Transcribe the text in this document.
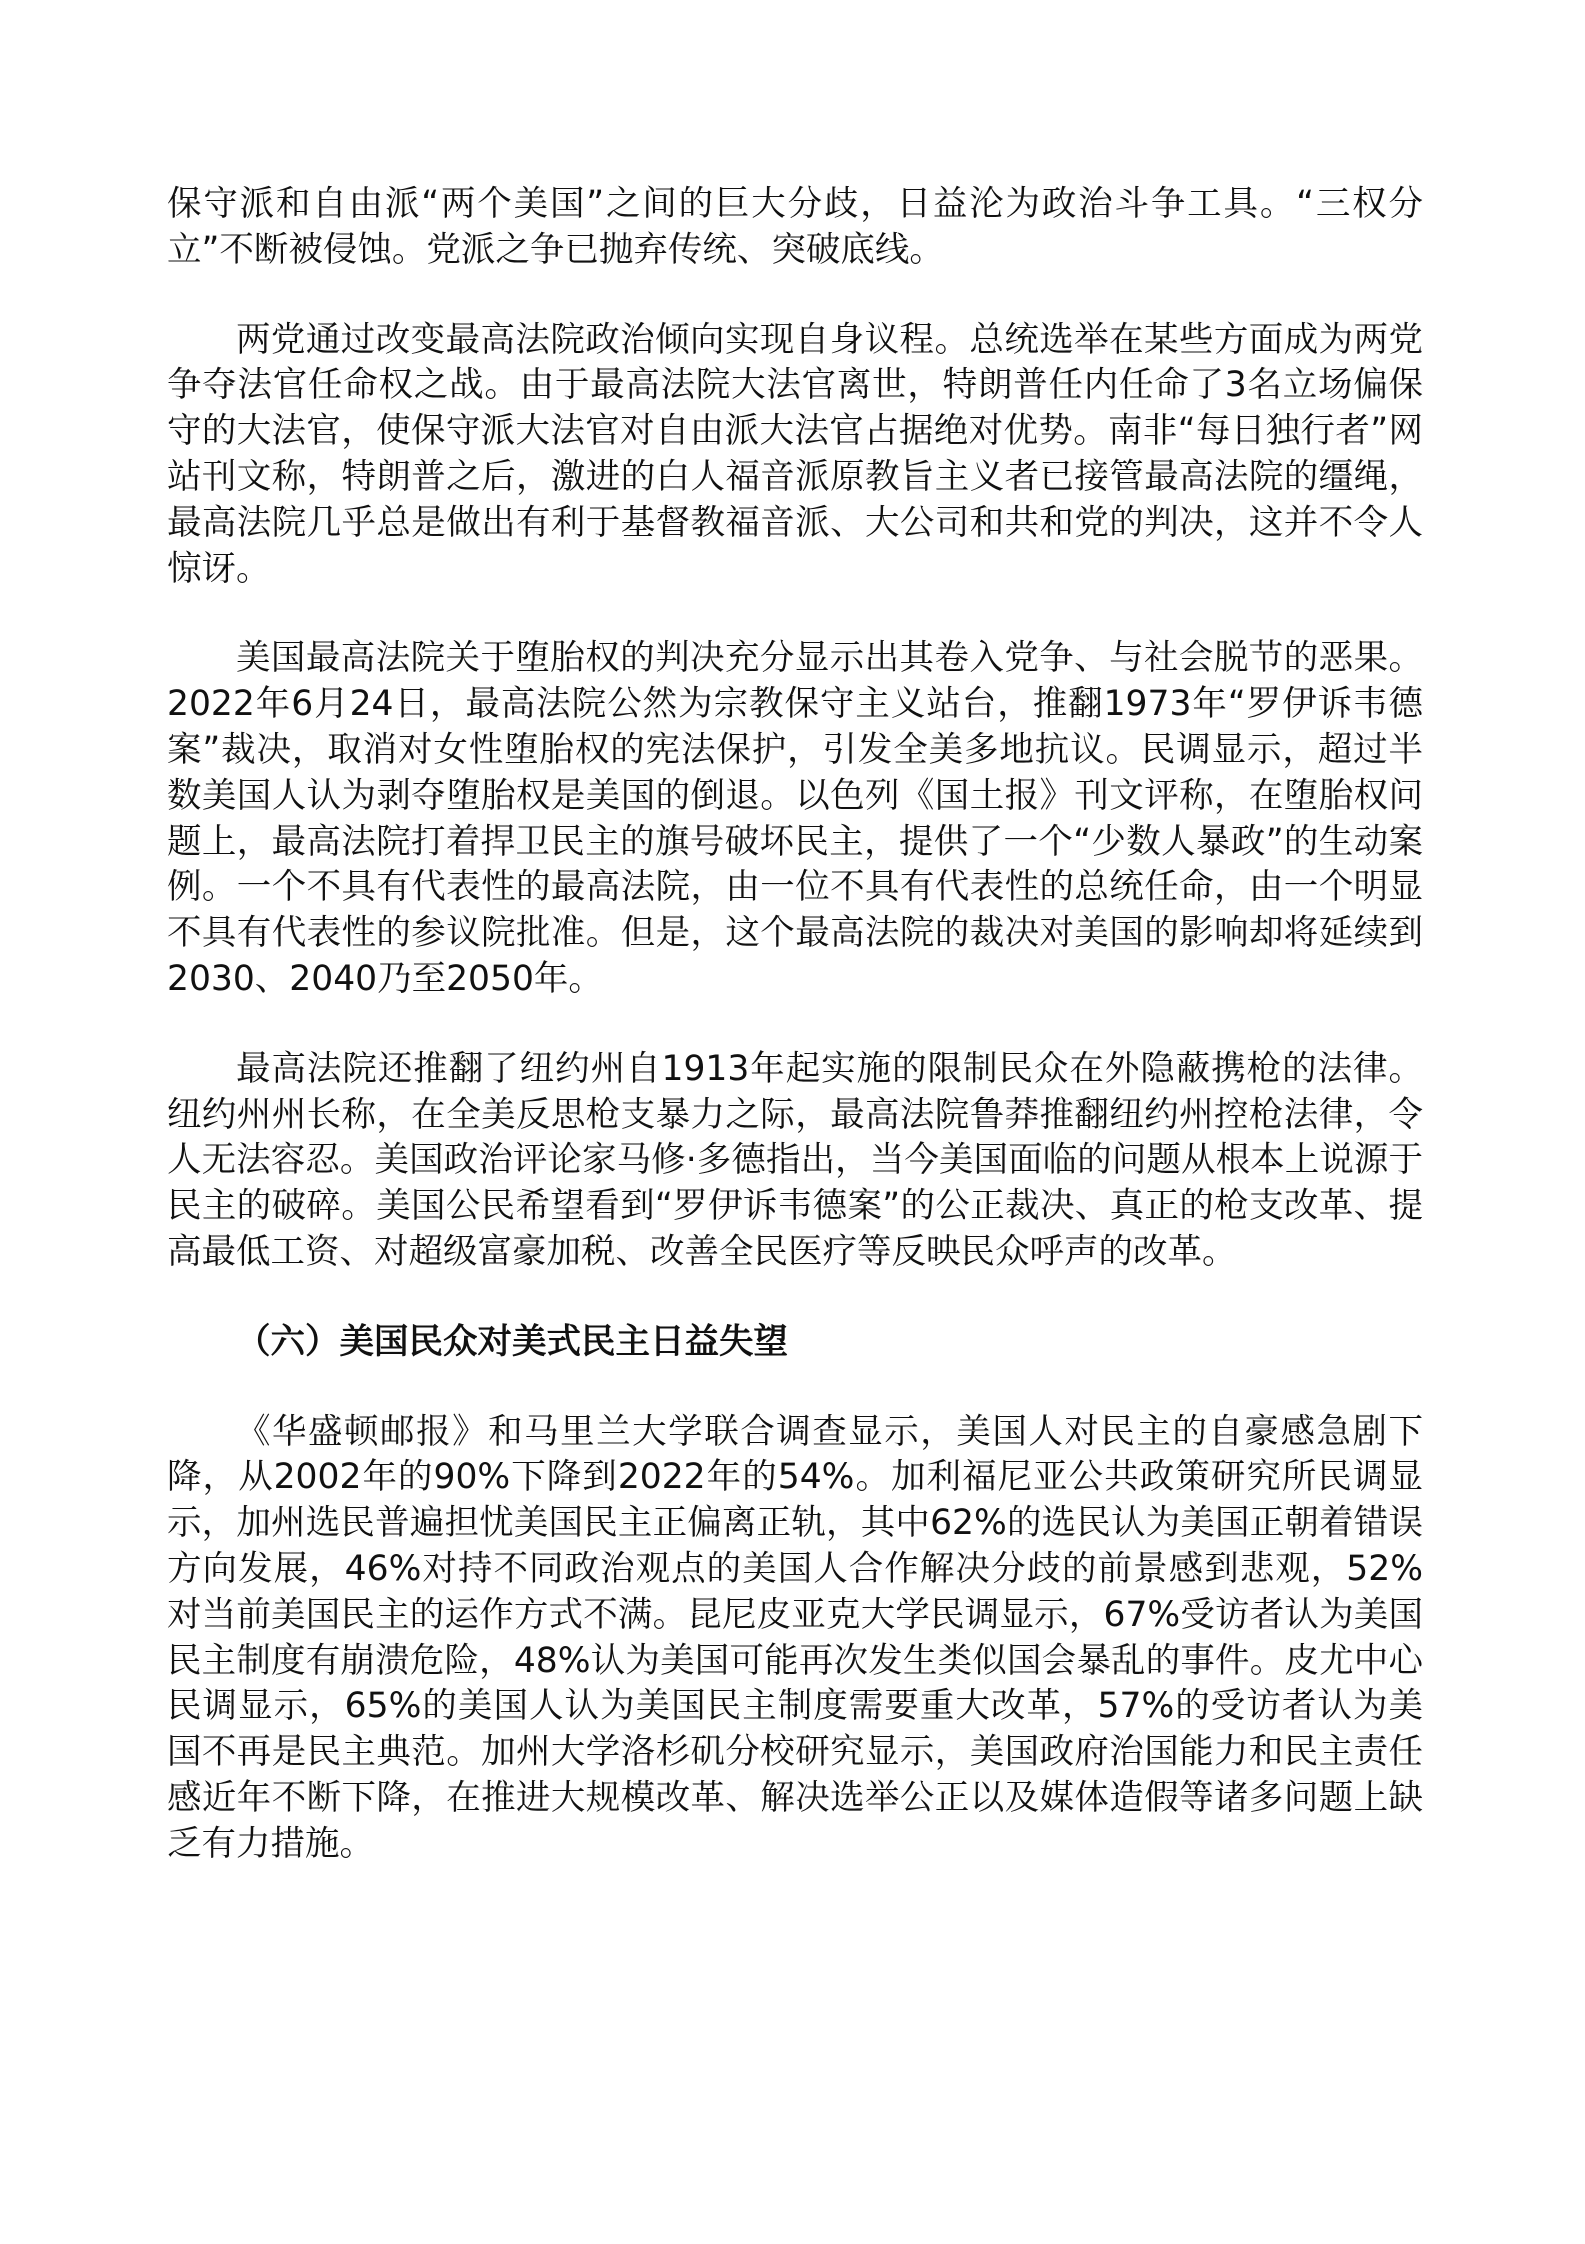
保守派和自由派“两个美国”之间的巨大分歧，日益沦为政治斗争工具。“三权分立”不断被侵蚀。党派之争已抛弃传统、突破底线。

两党通过改变最高法院政治倾向实现自身议程。总统选举在某些方面成为两党争夺法官任命权之战。由于最高法院大法官离世，特朗普任内任命了3名立场偏保守的大法官，使保守派大法官对自由派大法官占据绝对优势。南非“每日独行者”网站刊文称，特朗普之后，激进的白人福音派原教旨主义者已接管最高法院的缰绳，最高法院几乎总是做出有利于基督教福音派、大公司和共和党的判决，这并不令人惊讶。

美国最高法院关于堕胎权的判决充分显示出其卷入党争、与社会脱节的恶果。2022年6月24日，最高法院公然为宗教保守主义站台，推翻1973年“罗伊诉韦德案”裁决，取消对女性堕胎权的宪法保护，引发全美多地抗议。民调显示，超过半数美国人认为剥夺堕胎权是美国的倒退。以色列《国土报》刊文评称，在堕胎权问题上，最高法院打着捍卫民主的旗号破坏民主，提供了一个“少数人暴政”的生动案例。一个不具有代表性的最高法院，由一位不具有代表性的总统任命，由一个明显不具有代表性的参议院批准。但是，这个最高法院的裁决对美国的影响却将延续到2030、2040乃至2050年。

最高法院还推翻了纽约州自1913年起实施的限制民众在外隐蔽携枪的法律。纽约州州长称，在全美反思枪支暴力之际，最高法院鲁莽推翻纽约州控枪法律，令人无法容忍。美国政治评论家马修·多德指出，当今美国面临的问题从根本上说源于民主的破碎。美国公民希望看到“罗伊诉韦德案”的公正裁决、真正的枪支改革、提高最低工资、对超级富豪加税、改善全民医疗等反映民众呼声的改革。

（六）美国民众对美式民主日益失望

《华盛顿邮报》和马里兰大学联合调查显示，美国人对民主的自豪感急剧下降，从2002年的90%下降到2022年的54%。加利福尼亚公共政策研究所民调显示，加州选民普遍担忧美国民主正偏离正轨，其中62%的选民认为美国正朝着错误方向发展，46%对持不同政治观点的美国人合作解决分歧的前景感到悲观，52%对当前美国民主的运作方式不满。昆尼皮亚克大学民调显示，67%受访者认为美国民主制度有崩溃危险，48%认为美国可能再次发生类似国会暴乱的事件。皮尤中心民调显示，65%的美国人认为美国民主制度需要重大改革，57%的受访者认为美国不再是民主典范。加州大学洛杉矶分校研究显示，美国政府治国能力和民主责任感近年不断下降，在推进大规模改革、解决选举公正以及媒体造假等诸多问题上缺乏有力措施。
